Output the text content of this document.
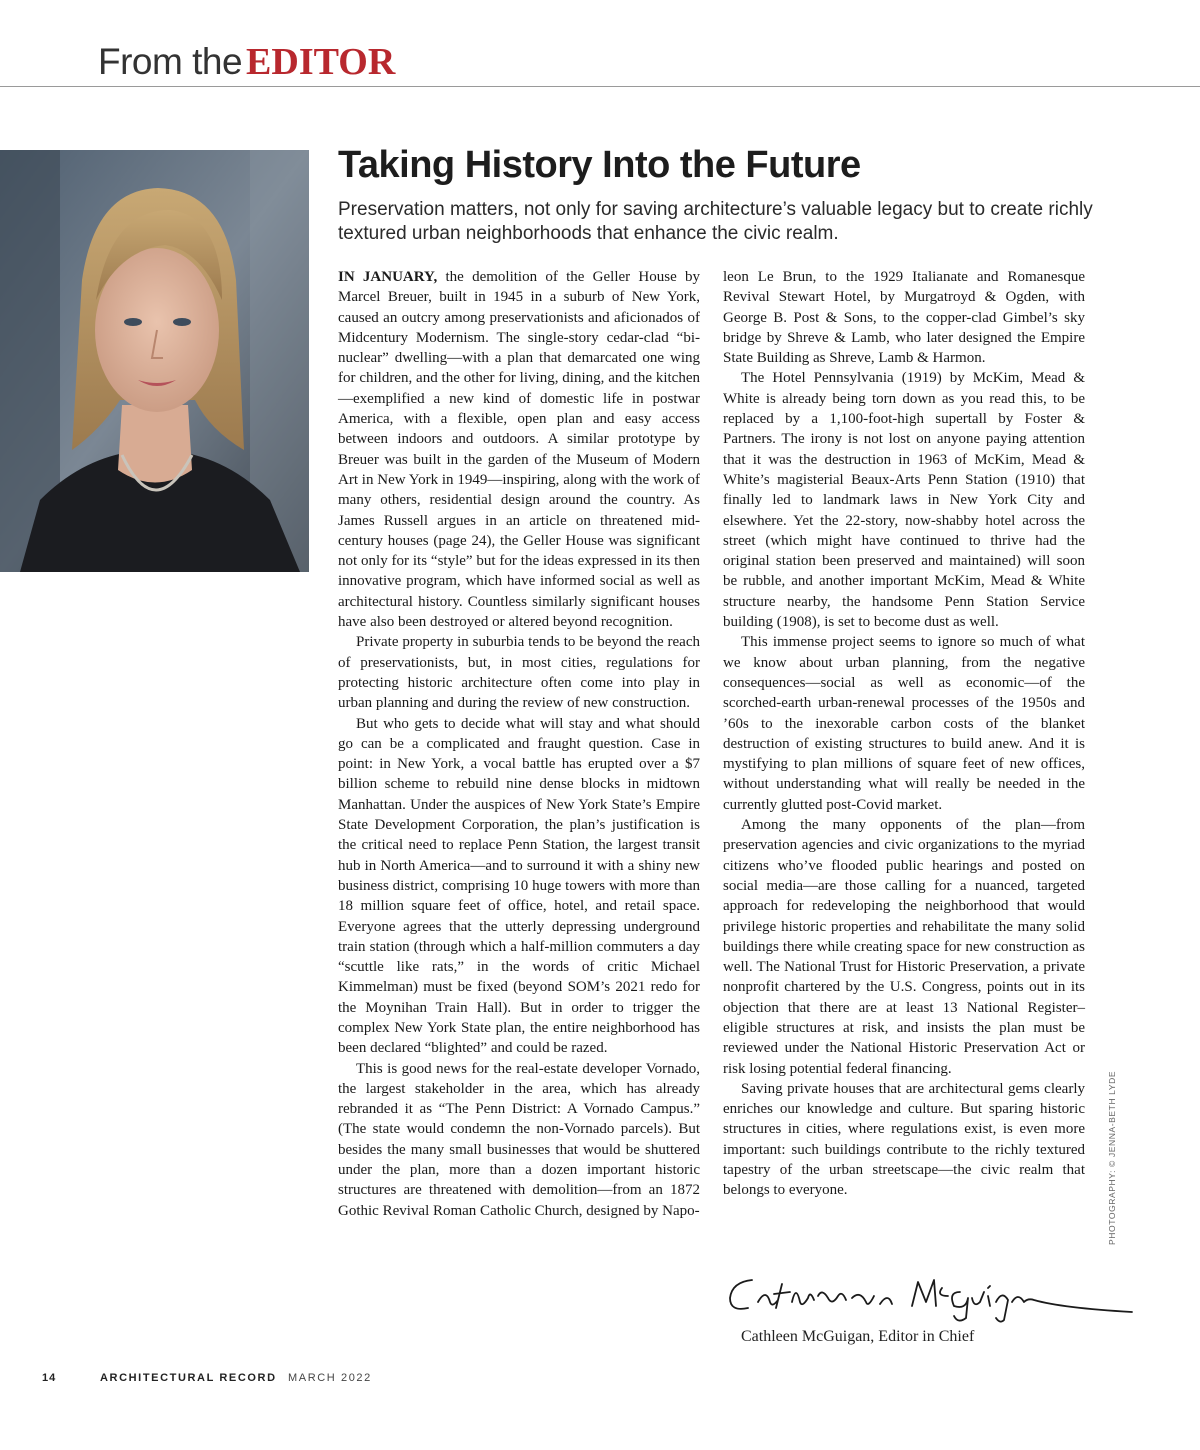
From the EDITOR
Taking History Into the Future

Preservation matters, not only for saving architecture’s valuable legacy but to create richly textured urban neighborhoods that enhance the civic realm.

IN JANUARY, the demolition of the Geller House by Marcel Breuer, built in 1945 in a suburb of New York, caused an outcry among preservationists and aficionados of Midcentury Modernism. The single-story cedar-clad “bi-nuclear” dwelling—with a plan that demarcated one wing for children, and the other for living, dining, and the kitchen—exemplified a new kind of domestic life in postwar America, with a flexible, open plan and easy access between indoors and outdoors. A similar prototype by Breuer was built in the garden of the Museum of Modern Art in New York in 1949—inspiring, along with the work of many others, residential design around the country. As James Russell argues in an article on threatened mid-century houses (page 24), the Geller House was significant not only for its “style” but for the ideas expressed in its then innovative program, which have informed social as well as architectural history. Countless similarly significant houses have also been destroyed or altered beyond recognition.

Private property in suburbia tends to be beyond the reach of preservationists, but, in most cities, regulations for protecting historic architecture often come into play in urban planning and during the review of new construction.

But who gets to decide what will stay and what should go can be a complicated and fraught question. Case in point: in New York, a vocal battle has erupted over a $7 billion scheme to rebuild nine dense blocks in midtown Manhattan. Under the auspices of New York State’s Empire State Development Corporation, the plan’s justification is the critical need to replace Penn Station, the largest transit hub in North America—and to surround it with a shiny new business district, comprising 10 huge towers with more than 18 million square feet of office, hotel, and retail space. Everyone agrees that the utterly depressing underground train station (through which a half-million commuters a day “scuttle like rats,” in the words of critic Michael Kimmelman) must be fixed (beyond SOM’s 2021 redo for the Moynihan Train Hall). But in order to trigger the complex New York State plan, the entire neighborhood has been declared “blighted” and could be razed.

This is good news for the real-estate developer Vornado, the largest stakeholder in the area, which has already rebranded it as “The Penn District: A Vornado Campus.” (The state would condemn the non-Vornado parcels). But besides the many small businesses that would be shuttered under the plan, more than a dozen important historic structures are threatened with demolition—from an 1872 Gothic Revival Roman Catholic Church, designed by Napo-

leon Le Brun, to the 1929 Italianate and Romanesque Revival Stewart Hotel, by Murgatroyd & Ogden, with George B. Post & Sons, to the copper-clad Gimbel’s sky bridge by Shreve & Lamb, who later designed the Empire State Building as Shreve, Lamb & Harmon.

The Hotel Pennsylvania (1919) by McKim, Mead & White is already being torn down as you read this, to be replaced by a 1,100-foot-high supertall by Foster & Partners. The irony is not lost on anyone paying attention that it was the destruction in 1963 of McKim, Mead & White’s magisterial Beaux-Arts Penn Station (1910) that finally led to landmark laws in New York City and elsewhere. Yet the 22-story, now-shabby hotel across the street (which might have continued to thrive had the original station been preserved and maintained) will soon be rubble, and another important McKim, Mead & White structure nearby, the handsome Penn Station Service building (1908), is set to become dust as well.

This immense project seems to ignore so much of what we know about urban planning, from the negative consequences—social as well as economic—of the scorched-earth urban-renewal processes of the 1950s and ’60s to the inexorable carbon costs of the blanket destruction of existing structures to build anew. And it is mystifying to plan millions of square feet of new offices, without understanding what will really be needed in the currently glutted post-Covid market.

Among the many opponents of the plan—from preservation agencies and civic organizations to the myriad citizens who’ve flooded public hearings and posted on social media—are those calling for a nuanced, targeted approach for redeveloping the neighborhood that would privilege historic properties and rehabilitate the many solid buildings there while creating space for new construction as well. The National Trust for Historic Preservation, a private nonprofit chartered by the U.S. Congress, points out in its objection that there are at least 13 National Register–eligible structures at risk, and insists the plan must be reviewed under the National Historic Preservation Act or risk losing potential federal financing.

Saving private houses that are architectural gems clearly enriches our knowledge and culture. But sparing historic structures in cities, where regulations exist, is even more important: such buildings contribute to the richly textured tapestry of the urban streetscape—the civic realm that belongs to everyone.

Cathleen McGuigan, Editor in Chief

PHOTOGRAPHY: © JENNA-BETH LYDE
14	ARCHITECTURAL RECORD MARCH 2022
